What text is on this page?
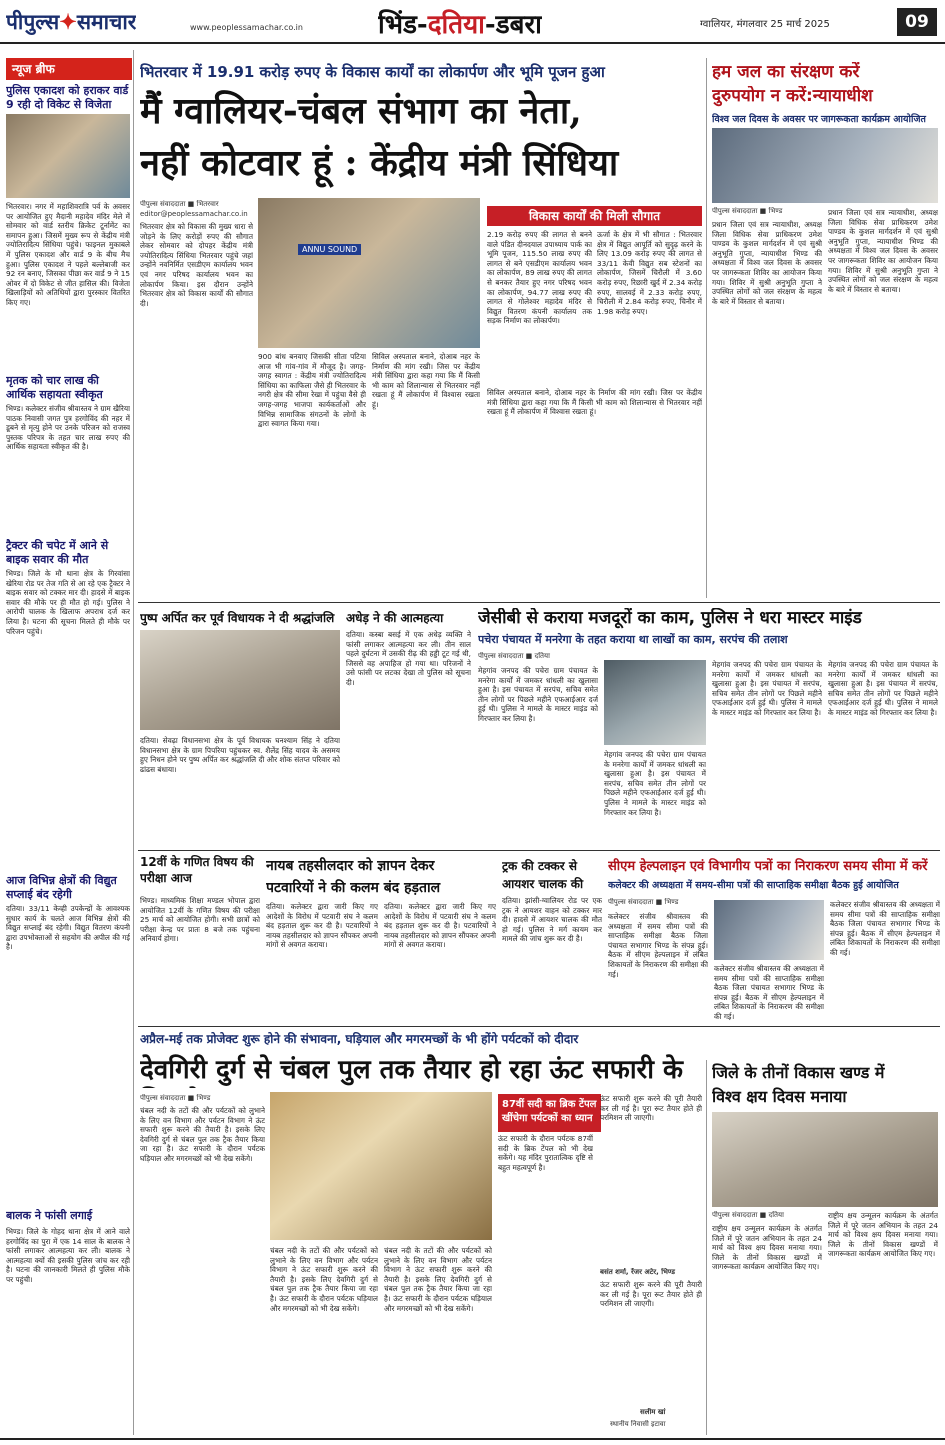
पीपुल्स✦समाचार	www.peoplessamachar.co.in	भिंड-दतिया-डबरा	ग्वालियर, मंगलवार 25 मार्च 2025	09
न्यूज ब्रीफ
पुलिस एकादश को हराकर वार्ड 9 रही दो विकेट से विजेता
भितरवार। नगर में महाशिवरात्रि पर्व के अवसर पर आयोजित हुए मैदानी महादेव मंदिर मेले में सोमवार को वार्ड स्तरीय क्रिकेट टूर्नामेंट का समापन हुआ। जिसमें मुख्य रूप से केंद्रीय मंत्री ज्योतिरादित्य सिंधिया पहुंचे। फाइनल मुकाबले में पुलिस एकादश और वार्ड 9 के बीच मैच हुआ। पुलिस एकादश ने पहले बल्लेबाजी कर 92 रन बनाए, जिसका पीछा कर वार्ड 9 ने 15 ओवर में दो विकेट से जीत हासिल की। विजेता खिलाड़ियों को अतिथियों द्वारा पुरस्कार वितरित किए गए।
मृतक को चार लाख की आर्थिक सहायता स्वीकृत
भिण्ड। कलेक्टर संजीव श्रीवास्तव ने ग्राम खैरिया पाठक निवासी जगत पुत्र हरगोविंद की नहर में डूबने से मृत्यु होने पर उनके परिजन को राजस्व पुस्तक परिपत्र के तहत चार लाख रुपए की आर्थिक सहायता स्वीकृत की है।
ट्रैक्टर की चपेट में आने से बाइक सवार की मौत
भिण्ड। जिले के मौ थाना क्षेत्र के गिरवांसा खेरिया रोड पर तेज गति से आ रहे एक ट्रैक्टर ने बाइक सवार को टक्कर मार दी। हादसे में बाइक सवार की मौके पर ही मौत हो गई। पुलिस ने आरोपी चालक के खिलाफ अपराध दर्ज कर लिया है। घटना की सूचना मिलते ही मौके पर परिजन पहुंचे।
आज विभिन्न क्षेत्रों की विद्युत सप्लाई बंद रहेगी
दतिया। 33/11 केव्ही उपकेन्द्रों के आवश्यक सुधार कार्य के चलते आज विभिन्न क्षेत्रों की विद्युत सप्लाई बंद रहेगी। विद्युत वितरण कंपनी द्वारा उपभोक्ताओं से सहयोग की अपील की गई है।
बालक ने फांसी लगाई
भिण्ड। जिले के गोहद थाना क्षेत्र में आने वाले हरगोविंद का पुरा में एक 14 साल के बालक ने फांसी लगाकर आत्महत्या कर ली। बालक ने आत्महत्या क्यों की इसकी पुलिस जांच कर रही है। घटना की जानकारी मिलते ही पुलिस मौके पर पहुंची।
भितरवार में 19.91 करोड़ रुपए के विकास कार्यों का लोकार्पण और भूमि पूजन हुआ
मैं ग्वालियर-चंबल संभाग का नेता,
नहीं कोटवार हूं : केंद्रीय मंत्री सिंधिया
पीपुल्स संवाददाता ■ भितरवार
editor@peoplessamachar.co.in
भितरवार क्षेत्र को विकास की मुख्य धारा से जोड़ने के लिए करोड़ों रुपए की सौगात लेकर सोमवार को दोपहर केंद्रीय मंत्री ज्योतिरादित्य सिंधिया भितरवार पहुंचे जहां उन्होंने नवनिर्मित एसडीएम कार्यालय भवन एवं नगर परिषद कार्यालय भवन का लोकार्पण किया। इस दौरान उन्होंने भितरवार क्षेत्र को विकास कार्यों की सौगात दी।
ANNU SOUND
900 बांध बनवाए जिसकी सीता पटिया आज भी गांव-गांव में मौजूद है। जगह-जगह स्वागत : केंद्रीय मंत्री ज्योतिरादित्य सिंधिया का काफिला जैसे ही भितरवार के नगरी क्षेत्र की सीमा रेखा में पहुंचा वैसे ही जगह-जगह भाजपा कार्यकर्ताओं और विभिन्न सामाजिक संगठनों के लोगों के द्वारा स्वागत किया गया।
सिविल अस्पताल बनाने, दोआब नहर के निर्माण की मांग रखी। जिस पर केंद्रीय मंत्री सिंधिया द्वारा कहा गया कि मैं किसी भी काम को शिलान्यास से भितरवार नहीं रखता हूं मैं लोकार्पण में विश्वास रखता हूं।
विकास कार्यों की मिली सौगात
2.19 करोड़ रुपए की लागत से बनने वाले पंडित दीनदयाल उपाध्याय पार्क का भूमि पूजन, 115.50 लाख रुपए की लागत से बने एसडीएम कार्यालय भवन का लोकार्पण, 89 लाख रुपए की लागत से बनकर तैयार हुए नगर परिषद भवन का लोकार्पण, 94.77 लाख रुपए की लागत से गोलेश्वर महादेव मंदिर से विद्युत वितरण कंपनी कार्यालय तक सड़क निर्माण का लोकार्पण।
ऊर्जा के क्षेत्र में भी सौगात : भितरवार क्षेत्र में विद्युत आपूर्ति को सुदृढ़ करने के लिए 13.09 करोड़ रुपए की लागत से 33/11 केवी विद्युत सब स्टेशनों का लोकार्पण, जिसमें चिरौली में 3.60 करोड़ रुपए, रिछारी खुर्द में 2.34 करोड़ रुपए, सालवई में 2.33 करोड़ रुपए, चिरौली में 2.84 करोड़ रुपए, चिनौर में 1.98 करोड़ रुपए।
सिविल अस्पताल बनाने, दोआब नहर के निर्माण की मांग रखी। जिस पर केंद्रीय मंत्री सिंधिया द्वारा कहा गया कि मैं किसी भी काम को शिलान्यास से भितरवार नहीं रखता हूं मैं लोकार्पण में विश्वास रखता हूं।
हम जल का संरक्षण करें
दुरुपयोग न करें:न्यायाधीश
विश्व जल दिवस के अवसर पर जागरूकता कार्यक्रम आयोजित
पीपुल्स संवाददाता ■ भिण्ड
प्रधान जिला एवं सत्र न्यायाधीश, अध्यक्ष जिला विधिक सेवा प्राधिकरण उमेश पाण्डव के कुशल मार्गदर्शन में एवं सुश्री अनुभूति गुप्ता, न्यायाधीश भिण्ड की अध्यक्षता में विश्व जल दिवस के अवसर पर जागरूकता शिविर का आयोजन किया गया। शिविर में सुश्री अनुभूति गुप्ता ने उपस्थित लोगों को जल संरक्षण के महत्व के बारे में विस्तार से बताया।
प्रधान जिला एवं सत्र न्यायाधीश, अध्यक्ष जिला विधिक सेवा प्राधिकरण उमेश पाण्डव के कुशल मार्गदर्शन में एवं सुश्री अनुभूति गुप्ता, न्यायाधीश भिण्ड की अध्यक्षता में विश्व जल दिवस के अवसर पर जागरूकता शिविर का आयोजन किया गया। शिविर में सुश्री अनुभूति गुप्ता ने उपस्थित लोगों को जल संरक्षण के महत्व के बारे में विस्तार से बताया।
पुष्प अर्पित कर पूर्व विधायक ने दी श्रद्धांजलि
दतिया। सेवढ़ा विधानसभा क्षेत्र के पूर्व विधायक घनश्याम सिंह ने दतिया विधानसभा क्षेत्र के ग्राम पिपरिया पहुंचकर स्व. शैलेंद्र सिंह यादव के असमय हुए निधन होने पर पुष्प अर्पित कर श्रद्धांजलि दी और शोक संतप्त परिवार को ढांढस बंधाया।
अधेड़ ने की आत्महत्या
दतिया। कस्बा बसई में एक अधेड़ व्यक्ति ने फांसी लगाकर आत्महत्या कर ली। तीन साल पहले दुर्घटना में उसकी रीढ़ की हड्डी टूट गई थी, जिससे वह अपाहिज हो गया था। परिजनों ने उसे फांसी पर लटका देखा तो पुलिस को सूचना दी।
जेसीबी से कराया मजदूरों का काम, पुलिस ने धरा मास्टर माइंड
पचेरा पंचायत में मनरेगा के तहत कराया था लाखों का काम, सरपंच की तलाश
पीपुल्स संवाददाता ■ दतिया
मेहगांव जनपद की पचेरा ग्राम पंचायत के मनरेगा कार्यों में जमकर धांधली का खुलासा हुआ है। इस पंचायत में सरपंच, सचिव समेत तीन लोगों पर पिछले महीने एफआईआर दर्ज हुई थी। पुलिस ने मामले के मास्टर माइंड को गिरफ्तार कर लिया है।
मेहगांव जनपद की पचेरा ग्राम पंचायत के मनरेगा कार्यों में जमकर धांधली का खुलासा हुआ है। इस पंचायत में सरपंच, सचिव समेत तीन लोगों पर पिछले महीने एफआईआर दर्ज हुई थी। पुलिस ने मामले के मास्टर माइंड को गिरफ्तार कर लिया है।
मेहगांव जनपद की पचेरा ग्राम पंचायत के मनरेगा कार्यों में जमकर धांधली का खुलासा हुआ है। इस पंचायत में सरपंच, सचिव समेत तीन लोगों पर पिछले महीने एफआईआर दर्ज हुई थी। पुलिस ने मामले के मास्टर माइंड को गिरफ्तार कर लिया है।
मेहगांव जनपद की पचेरा ग्राम पंचायत के मनरेगा कार्यों में जमकर धांधली का खुलासा हुआ है। इस पंचायत में सरपंच, सचिव समेत तीन लोगों पर पिछले महीने एफआईआर दर्ज हुई थी। पुलिस ने मामले के मास्टर माइंड को गिरफ्तार कर लिया है।
12वीं के गणित विषय की परीक्षा आज
भिण्ड। माध्यमिक शिक्षा मण्डल भोपाल द्वारा आयोजित 12वीं के गणित विषय की परीक्षा 25 मार्च को आयोजित होगी। सभी छात्रों को परीक्षा केन्द्र पर प्रातः 8 बजे तक पहुंचना अनिवार्य होगा।
नायब तहसीलदार को ज्ञापन देकर
पटवारियों ने की कलम बंद हड़ताल
दतिया। कलेक्टर द्वारा जारी किए गए आदेशों के विरोध में पटवारी संघ ने कलम बंद हड़ताल शुरू कर दी है। पटवारियों ने नायब तहसीलदार को ज्ञापन सौंपकर अपनी मांगों से अवगत कराया।
दतिया। कलेक्टर द्वारा जारी किए गए आदेशों के विरोध में पटवारी संघ ने कलम बंद हड़ताल शुरू कर दी है। पटवारियों ने नायब तहसीलदार को ज्ञापन सौंपकर अपनी मांगों से अवगत कराया।
ट्रक की टक्कर से
आयशर चालक की
दतिया। झांसी-ग्वालियर रोड पर एक ट्रक ने आयशर वाहन को टक्कर मार दी। हादसे में आयशर चालक की मौत हो गई। पुलिस ने मर्ग कायम कर मामले की जांच शुरू कर दी है।
सीएम हेल्पलाइन एवं विभागीय पत्रों का निराकरण समय सीमा में करें
कलेक्टर की अध्यक्षता में समय-सीमा पत्रों की साप्ताहिक समीक्षा बैठक हुई आयोजित
पीपुल्स संवाददाता ■ भिण्ड
कलेक्टर संजीव श्रीवास्तव की अध्यक्षता में समय सीमा पत्रों की साप्ताहिक समीक्षा बैठक जिला पंचायत सभागार भिण्ड के संपन्न हुई। बैठक में सीएम हेल्पलाइन में लंबित शिकायतों के निराकरण की समीक्षा की गई।
कलेक्टर संजीव श्रीवास्तव की अध्यक्षता में समय सीमा पत्रों की साप्ताहिक समीक्षा बैठक जिला पंचायत सभागार भिण्ड के संपन्न हुई। बैठक में सीएम हेल्पलाइन में लंबित शिकायतों के निराकरण की समीक्षा की गई।
कलेक्टर संजीव श्रीवास्तव की अध्यक्षता में समय सीमा पत्रों की साप्ताहिक समीक्षा बैठक जिला पंचायत सभागार भिण्ड के संपन्न हुई। बैठक में सीएम हेल्पलाइन में लंबित शिकायतों के निराकरण की समीक्षा की गई।
अप्रैल-मई तक प्रोजेक्ट शुरू होने की संभावना, घड़ियाल और मगरमच्छों के भी होंगे पर्यटकों को दीदार
देवगिरी दुर्ग से चंबल पुल तक तैयार हो रहा ऊंट सफारी के
पीपुल्स संवाददाता ■ भिण्ड
चंबल नदी के तटों की और पर्यटकों को लुभाने के लिए वन विभाग और पर्यटन विभाग ने ऊंट सफारी शुरू करने की तैयारी है। इसके लिए देवगिरी दुर्ग से चंबल पुल तक ट्रैक तैयार किया जा रहा है। ऊंट सफारी के दौरान पर्यटक घड़ियाल और मगरमच्छों को भी देख सकेंगे।
चंबल नदी के तटों की और पर्यटकों को लुभाने के लिए वन विभाग और पर्यटन विभाग ने ऊंट सफारी शुरू करने की तैयारी है। इसके लिए देवगिरी दुर्ग से चंबल पुल तक ट्रैक तैयार किया जा रहा है। ऊंट सफारी के दौरान पर्यटक घड़ियाल और मगरमच्छों को भी देख सकेंगे।
चंबल नदी के तटों की और पर्यटकों को लुभाने के लिए वन विभाग और पर्यटन विभाग ने ऊंट सफारी शुरू करने की तैयारी है। इसके लिए देवगिरी दुर्ग से चंबल पुल तक ट्रैक तैयार किया जा रहा है। ऊंट सफारी के दौरान पर्यटक घड़ियाल और मगरमच्छों को भी देख सकेंगे।
87वीं सदी का ब्रिक टेंपल खींचेगा पर्यटकों का ध्यान
ऊंट सफारी के दौरान पर्यटक 87वीं सदी के ब्रिक टेंपल को भी देख सकेंगे। यह मंदिर पुरातात्विक दृष्टि से बहुत महत्वपूर्ण है।
ऊंट सफारी शुरू करने की पूरी तैयारी कर ली गई है। पूरा रूट तैयार होते ही परमिशन ली जाएगी।
बसंत शर्मा, रेंजर अटेर, भिण्ड
ऊंट सफारी शुरू करने की पूरी तैयारी कर ली गई है। पूरा रूट तैयार होते ही परमिशन ली जाएगी।
सलीम खां
स्थानीय निवासी इटावा
जिले के तीनों विकास खण्ड में
विश्व क्षय दिवस मनाया
पीपुल्स संवाददाता ■ दतिया
राष्ट्रीय क्षय उन्मूलन कार्यक्रम के अंतर्गत जिले में पूरे जतन अभियान के तहत 24 मार्च को विश्व क्षय दिवस मनाया गया। जिले के तीनों विकास खण्डों में जागरूकता कार्यक्रम आयोजित किए गए।
राष्ट्रीय क्षय उन्मूलन कार्यक्रम के अंतर्गत जिले में पूरे जतन अभियान के तहत 24 मार्च को विश्व क्षय दिवस मनाया गया। जिले के तीनों विकास खण्डों में जागरूकता कार्यक्रम आयोजित किए गए।
